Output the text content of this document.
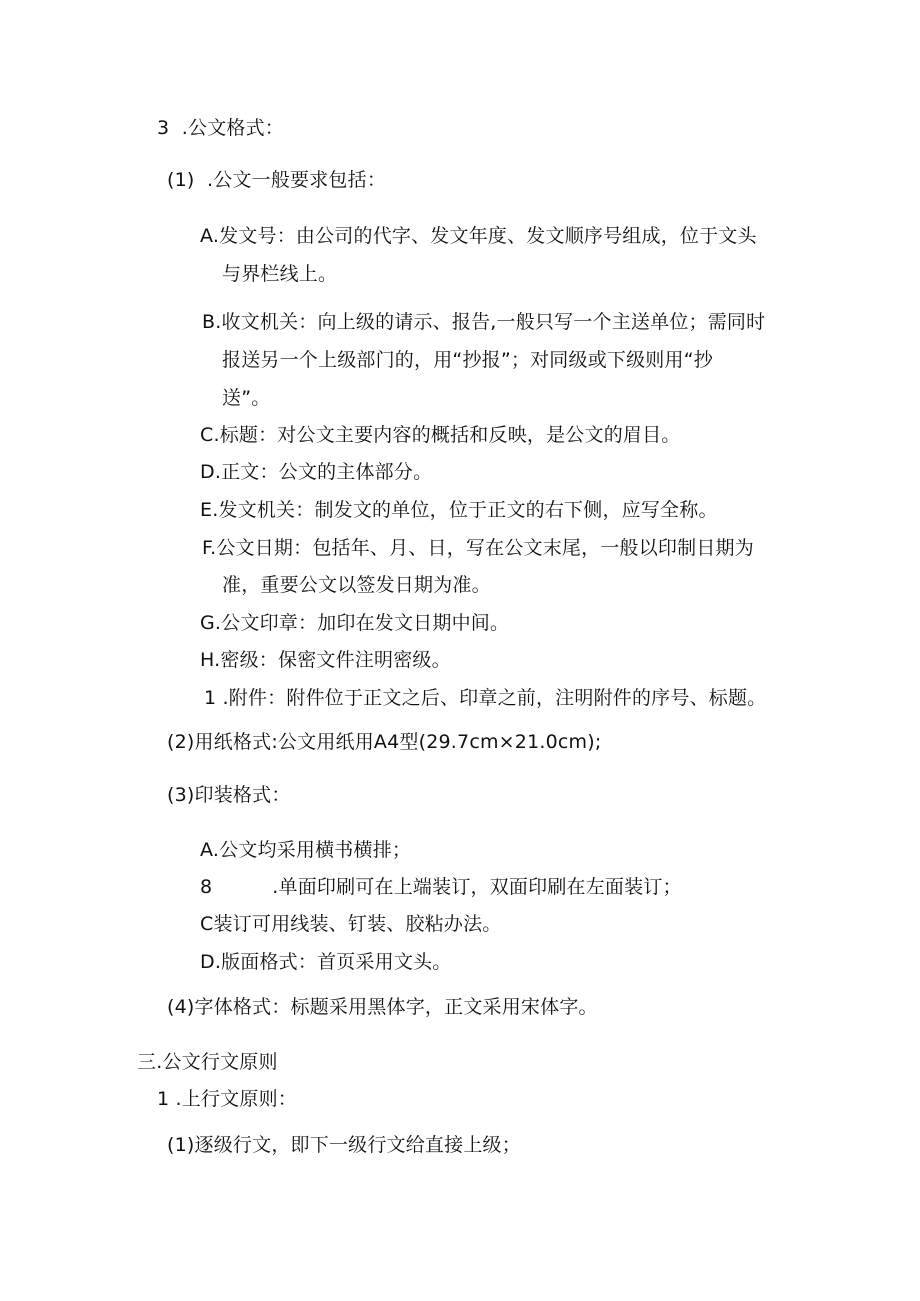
3  .公文格式：
(1)  .公文一般要求包括：
A.发文号：由公司的代字、发文年度、发文顺序号组成，位于文头
与界栏线上。
B.收文机关：向上级的请示、报告,一般只写一个主送单位；需同时
报送另一个上级部门的，用“抄报”；对同级或下级则用“抄
送”。
C.标题：对公文主要内容的概括和反映，是公文的眉目。
D.正文：公文的主体部分。
E.发文机关：制发文的单位，位于正文的右下侧，应写全称。
F.公文日期：包括年、月、日，写在公文末尾，一般以印制日期为
准，重要公文以签发日期为准。
G.公文印章：加印在发文日期中间。
H.密级：保密文件注明密级。
1 .附件：附件位于正文之后、印章之前，注明附件的序号、标题。
(2)用纸格式:公文用纸用A4型(29.7cm×21.0cm);
(3)印装格式：
A.公文均采用横书横排；
8	.单面印刷可在上端装订，双面印刷在左面装订；
C装订可用线装、钉装、胶粘办法。
D.版面格式：首页采用文头。
(4)字体格式：标题采用黑体字，正文采用宋体字。
三.公文行文原则
1 .上行文原则：
(1)逐级行文，即下一级行文给直接上级；
